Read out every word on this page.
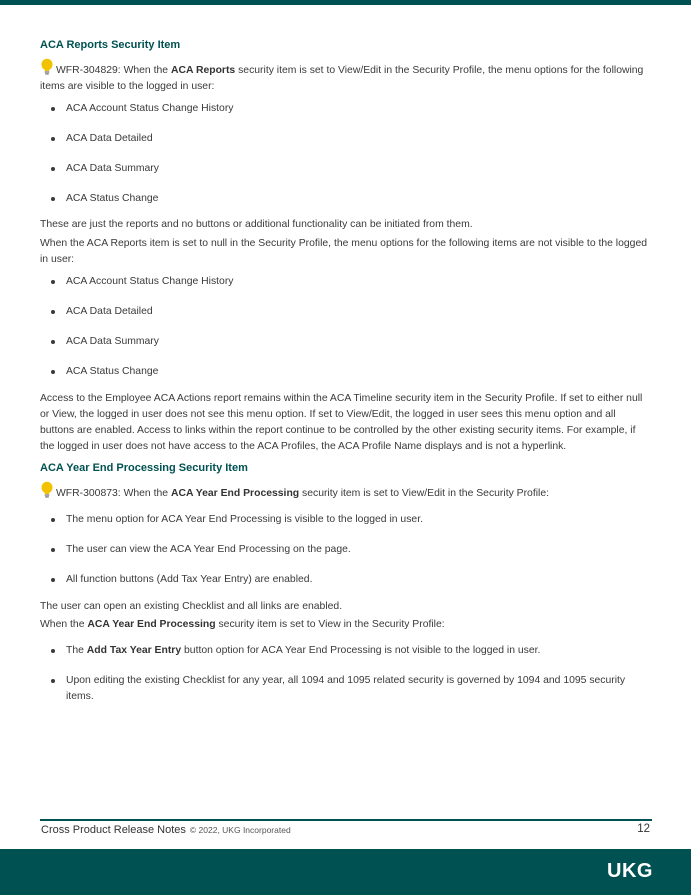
ACA Reports Security Item

WFR-304829: When the ACA Reports security item is set to View/Edit in the Security Profile, the menu options for the following items are visible to the logged in user:

ACA Account Status Change History
ACA Data Detailed
ACA Data Summary
ACA Status Change

These are just the reports and no buttons or additional functionality can be initiated from them.

When the ACA Reports item is set to null in the Security Profile, the menu options for the following items are not visible to the logged in user:

ACA Account Status Change History
ACA Data Detailed
ACA Data Summary
ACA Status Change

Access to the Employee ACA Actions report remains within the ACA Timeline security item in the Security Profile. If set to either null or View, the logged in user does not see this menu option. If set to View/Edit, the logged in user sees this menu option and all buttons are enabled. Access to links within the report continue to be controlled by the other existing security items. For example, if the logged in user does not have access to the ACA Profiles, the ACA Profile Name displays and is not a hyperlink.

ACA Year End Processing Security Item

WFR-300873: When the ACA Year End Processing security item is set to View/Edit in the Security Profile:

The menu option for ACA Year End Processing is visible to the logged in user.
The user can view the ACA Year End Processing on the page.
All function buttons (Add Tax Year Entry) are enabled.

The user can open an existing Checklist and all links are enabled.

When the ACA Year End Processing security item is set to View in the Security Profile:

The Add Tax Year Entry button option for ACA Year End Processing is not visible to the logged in user.
Upon editing the existing Checklist for any year, all 1094 and 1095 related security is governed by 1094 and 1095 security items.
Cross Product Release Notes © 2022, UKG Incorporated	12
UKG
